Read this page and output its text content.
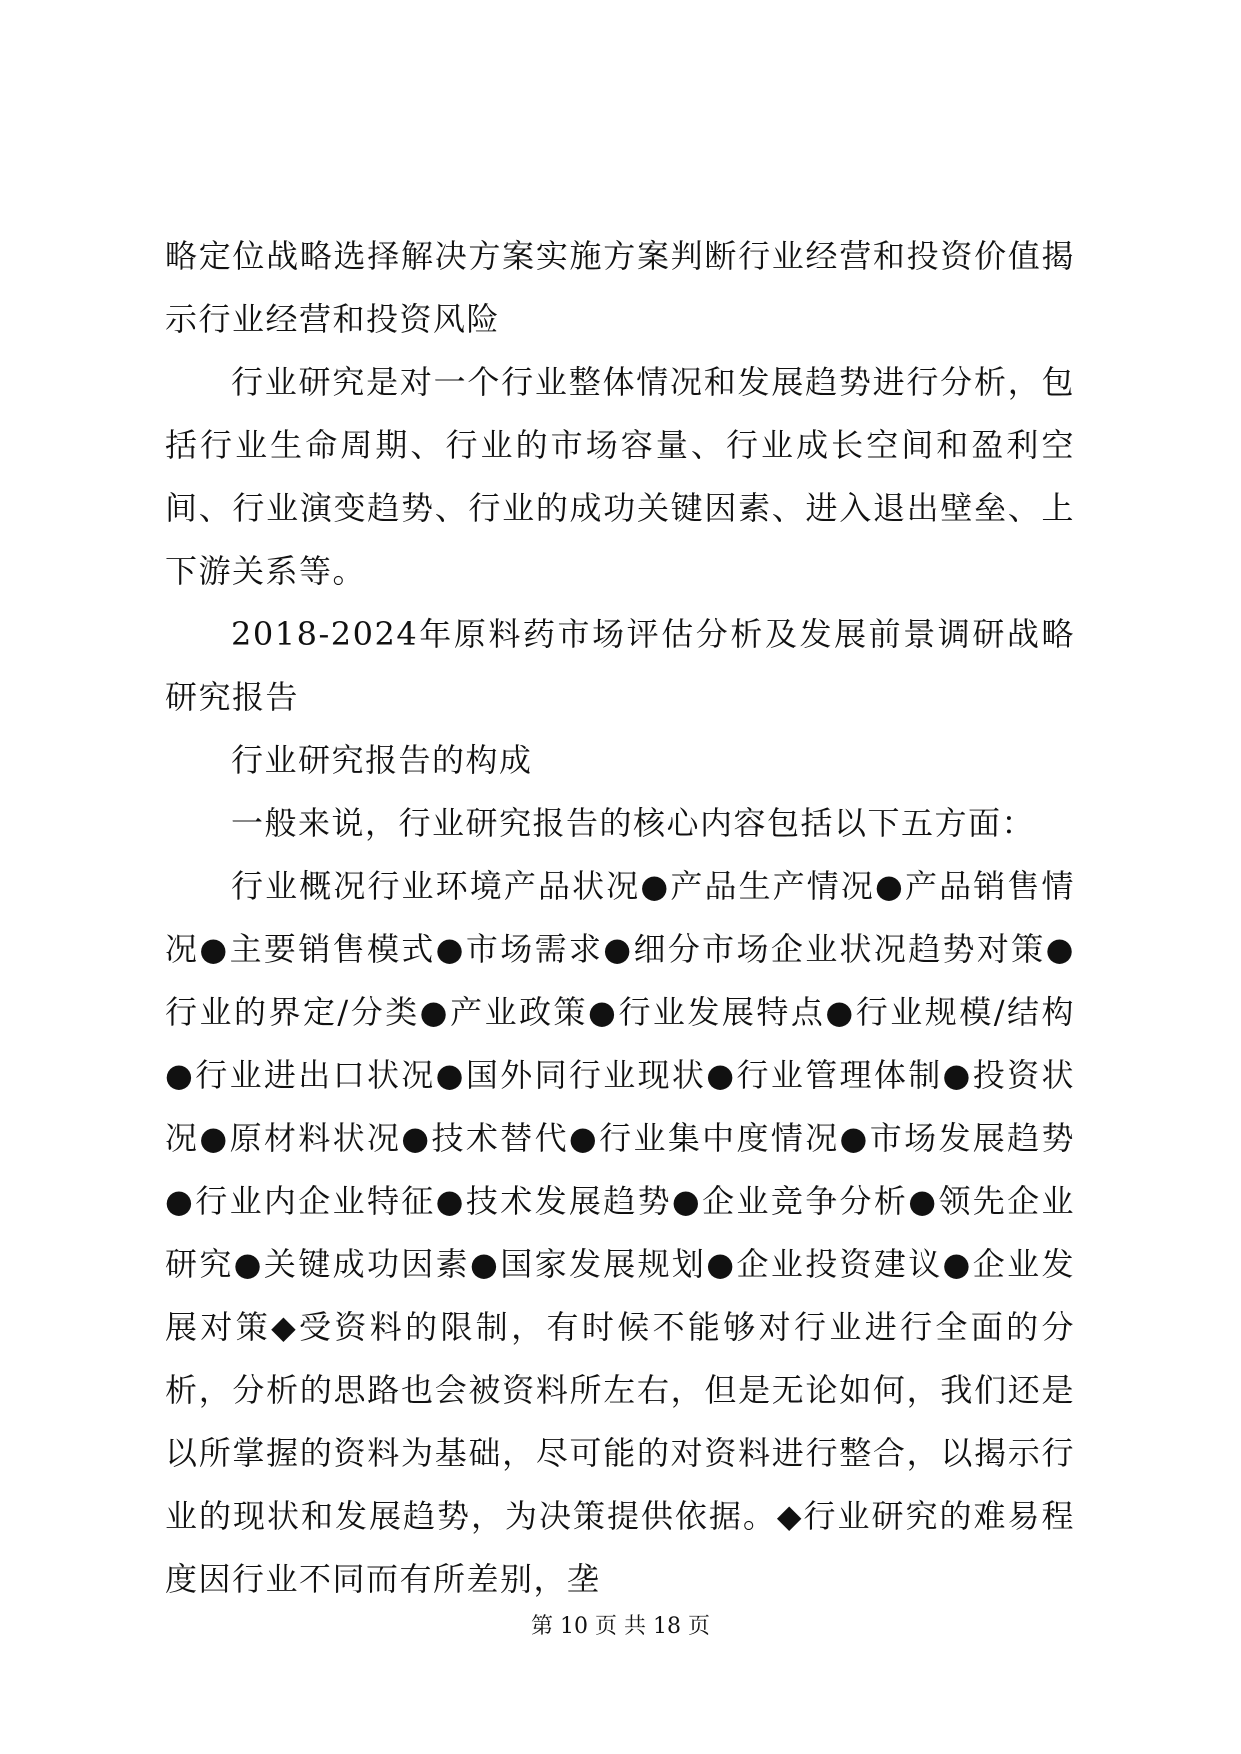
略定位战略选择解决方案实施方案判断行业经营和投资价值揭示行业经营和投资风险

行业研究是对一个行业整体情况和发展趋势进行分析，包括行业生命周期、行业的市场容量、行业成长空间和盈利空间、行业演变趋势、行业的成功关键因素、进入退出壁垒、上下游关系等。

2018-2024年原料药市场评估分析及发展前景调研战略研究报告

行业研究报告的构成

一般来说，行业研究报告的核心内容包括以下五方面：

行业概况行业环境产品状况●产品生产情况●产品销售情况●主要销售模式●市场需求●细分市场企业状况趋势对策●行业的界定/分类●产业政策●行业发展特点●行业规模/结构●行业进出口状况●国外同行业现状●行业管理体制●投资状况●原材料状况●技术替代●行业集中度情况●市场发展趋势●行业内企业特征●技术发展趋势●企业竞争分析●领先企业研究●关键成功因素●国家发展规划●企业投资建议●企业发展对策◆受资料的限制，有时候不能够对行业进行全面的分析，分析的思路也会被资料所左右，但是无论如何，我们还是以所掌握的资料为基础，尽可能的对资料进行整合，以揭示行业的现状和发展趋势，为决策提供依据。◆行业研究的难易程度因行业不同而有所差别，垄

第 10 页 共 18 页
